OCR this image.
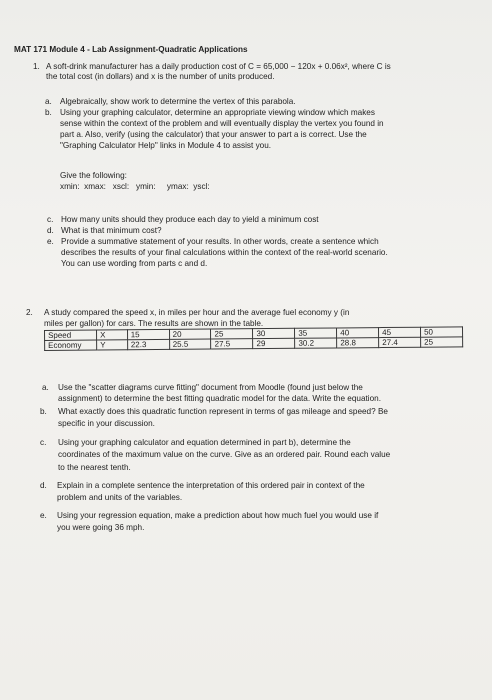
MAT 171 Module 4 - Lab Assignment-Quadratic Applications
1. A soft-drink manufacturer has a daily production cost of C = 65,000 − 120x + 0.06x², where C is
the total cost (in dollars) and x is the number of units produced.
a. Algebraically, show work to determine the vertex of this parabola.
b. Using your graphing calculator, determine an appropriate viewing window which makes
sense within the context of the problem and will eventually display the vertex you found in
part a. Also, verify (using the calculator) that your answer to part a is correct. Use the
"Graphing Calculator Help" links in Module 4 to assist you.
Give the following:
xmin:  xmax:   xscl:   ymin:     ymax:  yscl:
c. How many units should they produce each day to yield a minimum cost
d. What is that minimum cost?
e. Provide a summative statement of your results. In other words, create a sentence which
describes the results of your final calculations within the context of the real-world scenario.
You can use wording from parts c and d.
2. A study compared the speed x, in miles per hour and the average fuel economy y (in
miles per gallon) for cars. The results are shown in the table.
Speed	X	15	20	25	30	35	40	45	50
Economy	Y	22.3	25.5	27.5	29	30.2	28.8	27.4	25
a. Use the "scatter diagrams curve fitting" document from Moodle (found just below the
assignment) to determine the best fitting quadratic model for the data. Write the equation.
b. What exactly does this quadratic function represent in terms of gas mileage and speed? Be
specific in your discussion.
c. Using your graphing calculator and equation determined in part b), determine the
coordinates of the maximum value on the curve. Give as an ordered pair. Round each value
to the nearest tenth.
d. Explain in a complete sentence the interpretation of this ordered pair in context of the
problem and units of the variables.
e. Using your regression equation, make a prediction about how much fuel you would use if
you were going 36 mph.
